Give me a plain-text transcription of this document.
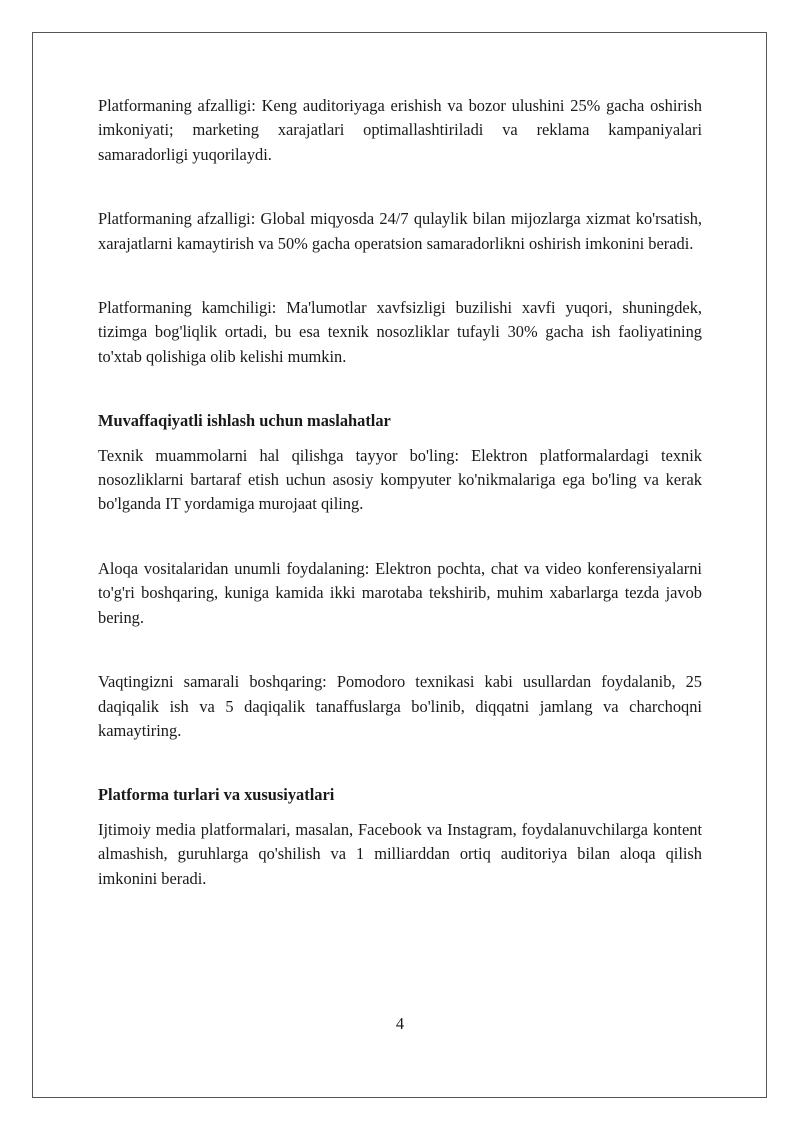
Platformaning afzalligi: Keng auditoriyaga erishish va bozor ulushini 25% gacha oshirish imkoniyati; marketing xarajatlari optimallashtiriladi va reklama kampaniyalari samaradorligi yuqorilaydi.

Platformaning afzalligi: Global miqyosda 24/7 qulaylik bilan mijozlarga xizmat ko'rsatish, xarajatlarni kamaytirish va 50% gacha operatsion samaradorlikni oshirish imkonini beradi.

Platformaning kamchiligi: Ma'lumotlar xavfsizligi buzilishi xavfi yuqori, shuningdek, tizimga bog'liqlik ortadi, bu esa texnik nosozliklar tufayli 30% gacha ish faoliyatining to'xtab qolishiga olib kelishi mumkin.

Muvaffaqiyatli ishlash uchun maslahatlar

Texnik muammolarni hal qilishga tayyor bo'ling: Elektron platformalardagi texnik nosozliklarni bartaraf etish uchun asosiy kompyuter ko'nikmalariga ega bo'ling va kerak bo'lganda IT yordamiga murojaat qiling.

Aloqa vositalaridan unumli foydalaning: Elektron pochta, chat va video konferensiyalarni to'g'ri boshqaring, kuniga kamida ikki marotaba tekshirib, muhim xabarlarga tezda javob bering.

Vaqtingizni samarali boshqaring: Pomodoro texnikasi kabi usullardan foydalanib, 25 daqiqalik ish va 5 daqiqalik tanaffuslarga bo'linib, diqqatni jamlang va charchoqni kamaytiring.

Platforma turlari va xususiyatlari

Ijtimoiy media platformalari, masalan, Facebook va Instagram, foydalanuvchilarga kontent almashish, guruhlarga qo'shilish va 1 milliarddan ortiq auditoriya bilan aloqa qilish imkonini beradi.

4
